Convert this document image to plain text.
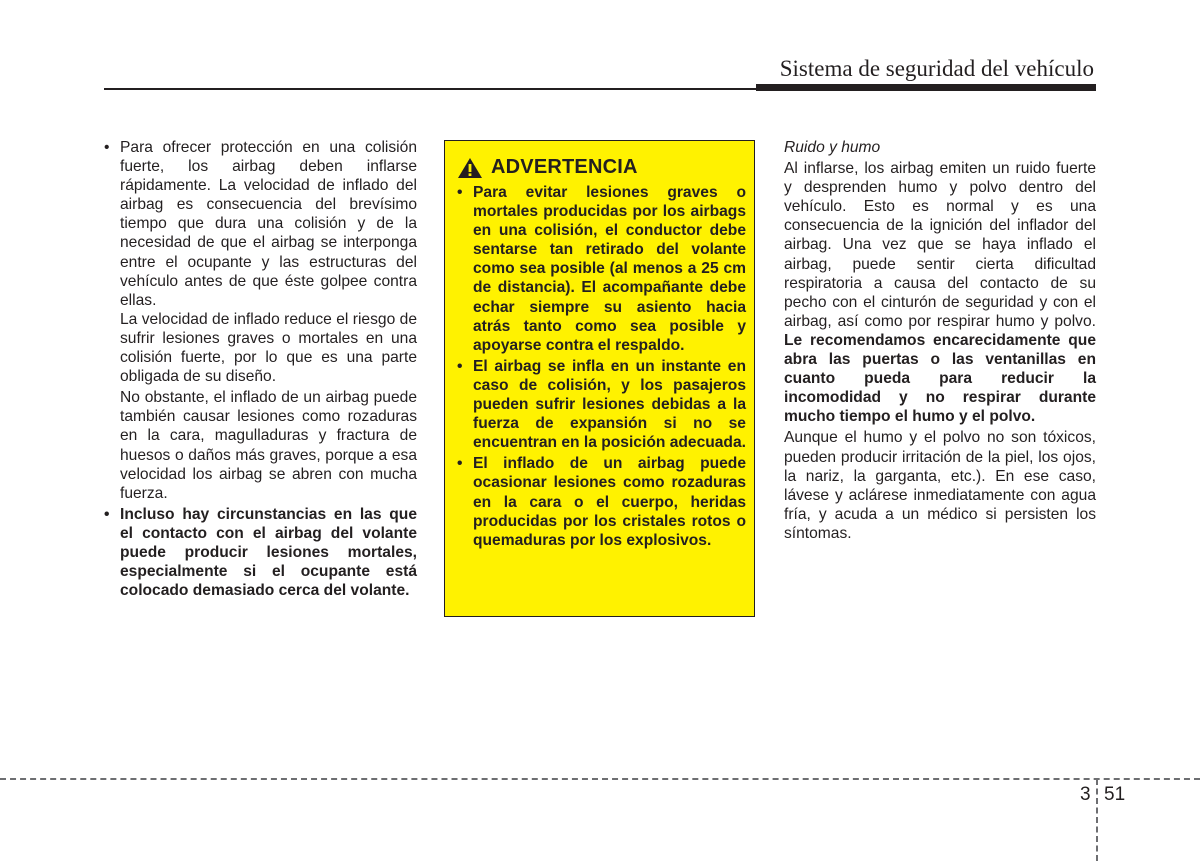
Sistema de seguridad del vehículo
• Para ofrecer protección en una colisión fuerte, los airbag deben inflarse rápidamente. La velocidad de inflado del airbag es consecuencia del brevísimo tiempo que dura una colisión y de la necesidad de que el airbag se interponga entre el ocupante y las estructuras del vehículo antes de que éste golpee contra ellas.

La velocidad de inflado reduce el riesgo de sufrir lesiones graves o mortales en una colisión fuerte, por lo que es una parte obligada de su diseño.

No obstante, el inflado de un airbag puede también causar lesiones como rozaduras en la cara, magulladuras y fractura de huesos o daños más graves, porque a esa velocidad los airbag se abren con mucha fuerza.

• Incluso hay circunstancias en las que el contacto con el airbag del volante puede producir lesiones mortales, especialmente si el ocupante está colocado demasiado cerca del volante.
ADVERTENCIA
• Para evitar lesiones graves o mortales producidas por los airbags en una colisión, el conductor debe sentarse tan retirado del volante como sea posible (al menos a 25 cm de distancia). El acompañante debe echar siempre su asiento hacia atrás tanto como sea posible y apoyarse contra el respaldo.
• El airbag se infla en un instante en caso de colisión, y los pasajeros pueden sufrir lesiones debidas a la fuerza de expansión si no se encuentran en la posición adecuada.
• El inflado de un airbag puede ocasionar lesiones como rozaduras en la cara o el cuerpo, heridas producidas por los cristales rotos o quemaduras por los explosivos.
Ruido y humo

Al inflarse, los airbag emiten un ruido fuerte y desprenden humo y polvo dentro del vehículo. Esto es normal y es una consecuencia de la ignición del inflador del airbag. Una vez que se haya inflado el airbag, puede sentir cierta dificultad respiratoria a causa del contacto de su pecho con el cinturón de seguridad y con el airbag, así como por respirar humo y polvo. Le recomendamos encarecidamente que abra las puertas o las ventanillas en cuanto pueda para reducir la incomodidad y no respirar durante mucho tiempo el humo y el polvo.

Aunque el humo y el polvo no son tóxicos, pueden producir irritación de la piel, los ojos, la nariz, la garganta, etc.). En ese caso, lávese y aclárese inmediatamente con agua fría, y acuda a un médico si persisten los síntomas.

3 51
